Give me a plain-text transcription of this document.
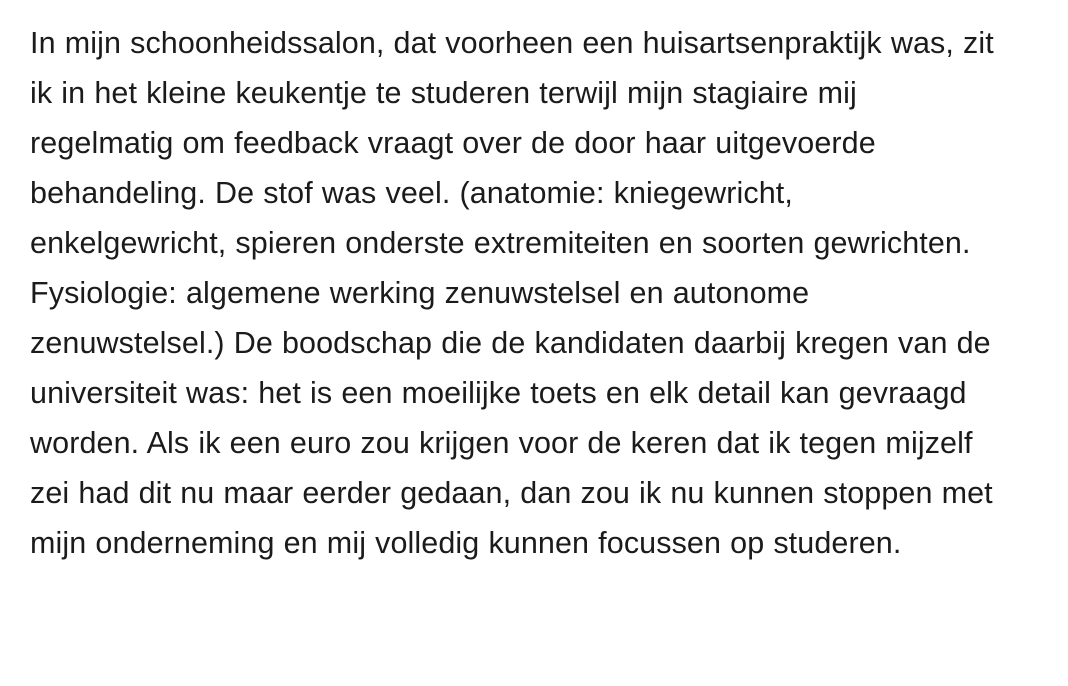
In mijn schoonheidssalon, dat voorheen een huisartsenpraktijk was, zit ik in het kleine keukentje te studeren terwijl mijn stagiaire mij regelmatig om feedback vraagt over de door haar uitgevoerde behandeling. De stof was veel. (anatomie: kniegewricht, enkelgewricht, spieren onderste extremiteiten en soorten gewrichten. Fysiologie: algemene werking zenuwstelsel en autonome zenuwstelsel.) De boodschap die de kandidaten daarbij kregen van de universiteit was: het is een moeilijke toets en elk detail kan gevraagd worden. Als ik een euro zou krijgen voor de keren dat ik tegen mijzelf zei had dit nu maar eerder gedaan, dan zou ik nu kunnen stoppen met mijn onderneming en mij volledig kunnen focussen op studeren.
